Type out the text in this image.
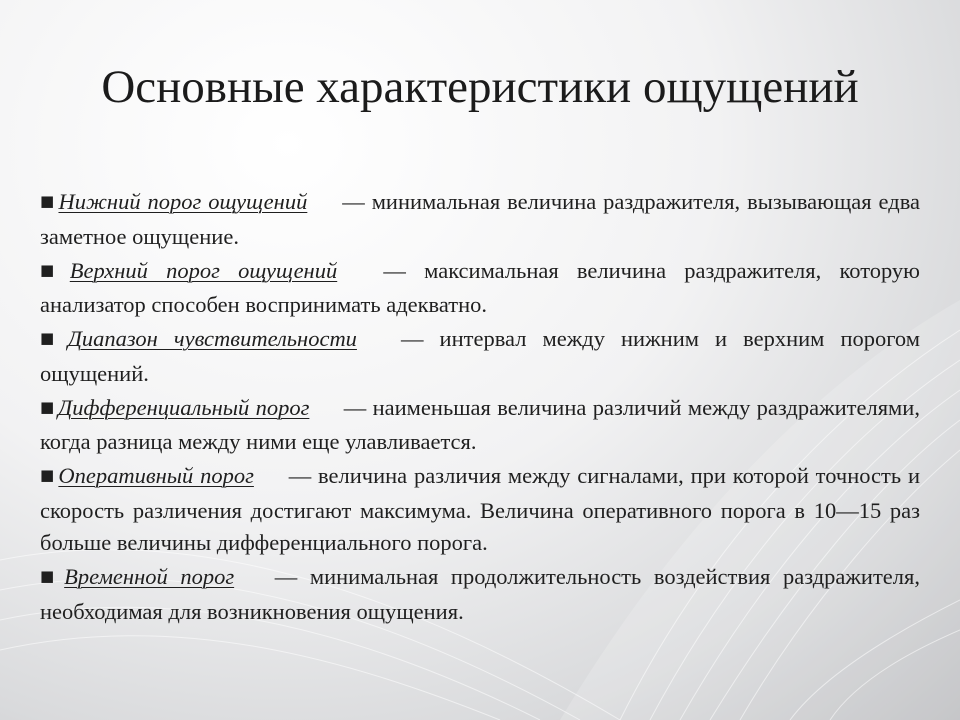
Основные характеристики ощущений

■ Нижний порог ощущений — минимальная величина раздражителя, вызывающая едва заметное ощущение.

■ Верхний порог ощущений — максимальная величина раздражителя, которую анализатор способен воспринимать адекватно.

■ Диапазон чувствительности — интервал между нижним и верхним порогом ощущений.

■ Дифференциальный порог — наименьшая величина различий между раздражителями, когда разница между ними еще улавливается.

■ Оперативный порог — величина различия между сигналами, при которой точность и скорость различения достигают максимума. Величина оперативного порога в 10—15 раз больше величины дифференциального порога.

■ Временной порог — минимальная продолжительность воздействия раздражителя, необходимая для возникновения ощущения.
